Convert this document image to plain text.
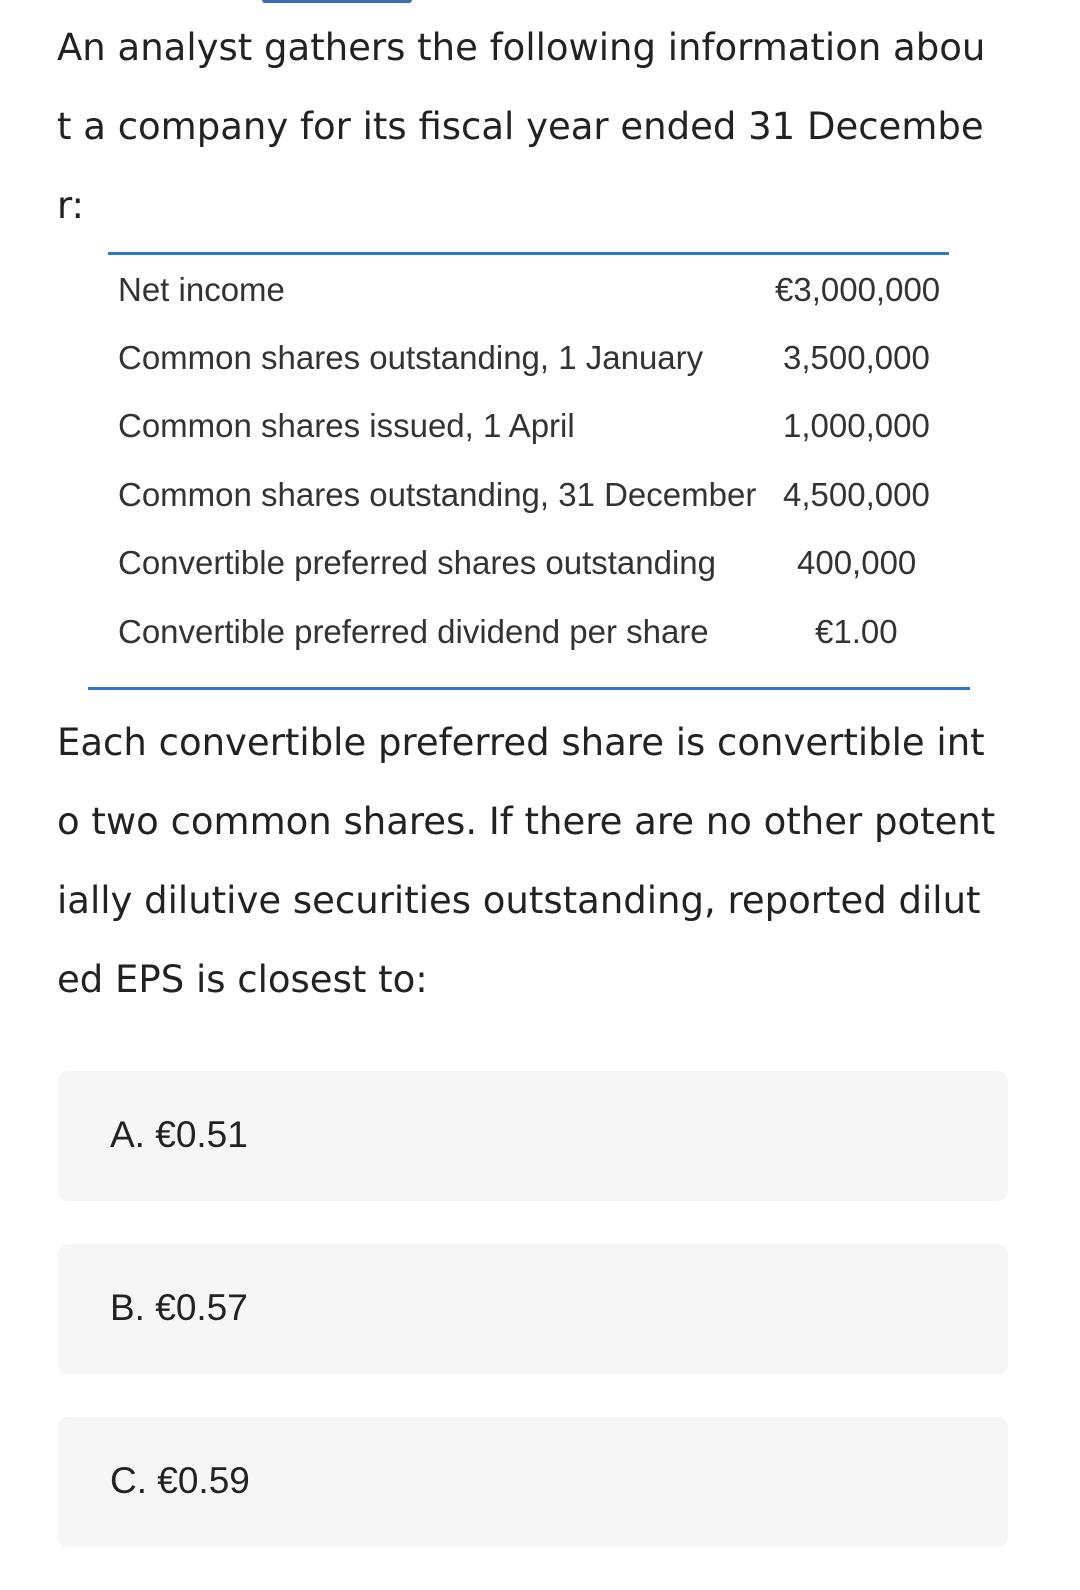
An analyst gathers the following information abou
t a company for its fiscal year ended 31 Decembe
r:
Net income	€3,000,000
Common shares outstanding, 1 January 3,500,000
Common shares issued, 1 April	1,000,000
Common shares outstanding, 31 December 4,500,000
Convertible preferred shares outstanding 400,000
Convertible preferred dividend per share	€1.00
Each convertible preferred share is convertible int
o two common shares. If there are no other potent
ially dilutive securities outstanding, reported dilut
ed EPS is closest to:
A. €0.51
B. €0.57
C. €0.59
